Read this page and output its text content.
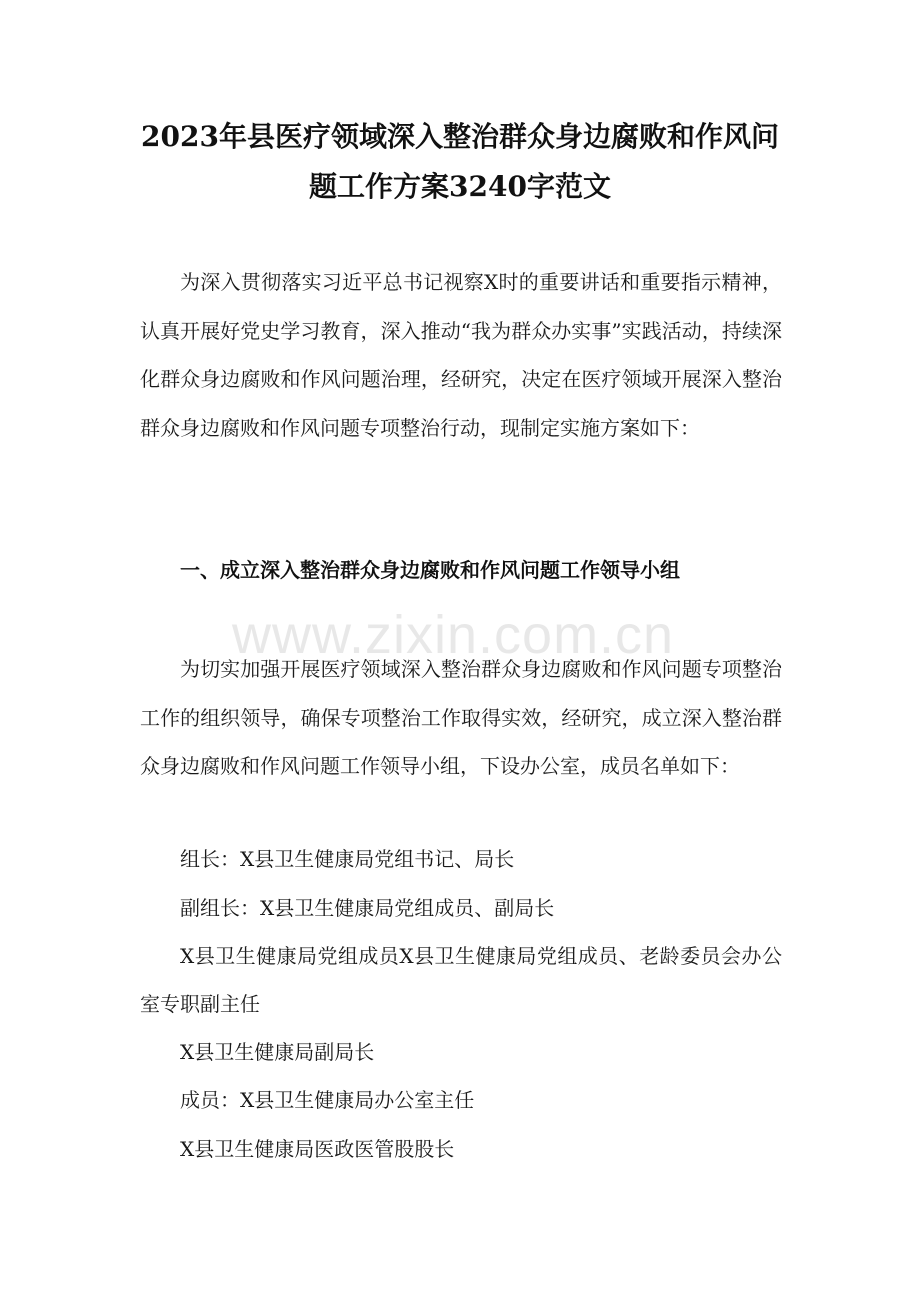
2023年县医疗领域深入整治群众身边腐败和作风问
题工作方案3240字范文
为深入贯彻落实习近平总书记视察X时的重要讲话和重要指示精神，认真开展好党史学习教育，深入推动“我为群众办实事”实践活动，持续深化群众身边腐败和作风问题治理，经研究，决定在医疗领域开展深入整治群众身边腐败和作风问题专项整治行动，现制定实施方案如下：
一、成立深入整治群众身边腐败和作风问题工作领导小组
www.zixin.com.cn
为切实加强开展医疗领域深入整治群众身边腐败和作风问题专项整治工作的组织领导，确保专项整治工作取得实效，经研究，成立深入整治群众身边腐败和作风问题工作领导小组，下设办公室，成员名单如下：
组长：X县卫生健康局党组书记、局长
副组长：X县卫生健康局党组成员、副局长
X县卫生健康局党组成员X县卫生健康局党组成员、老龄委员会办公室专职副主任
X县卫生健康局副局长
成员：X县卫生健康局办公室主任
X县卫生健康局医政医管股股长
